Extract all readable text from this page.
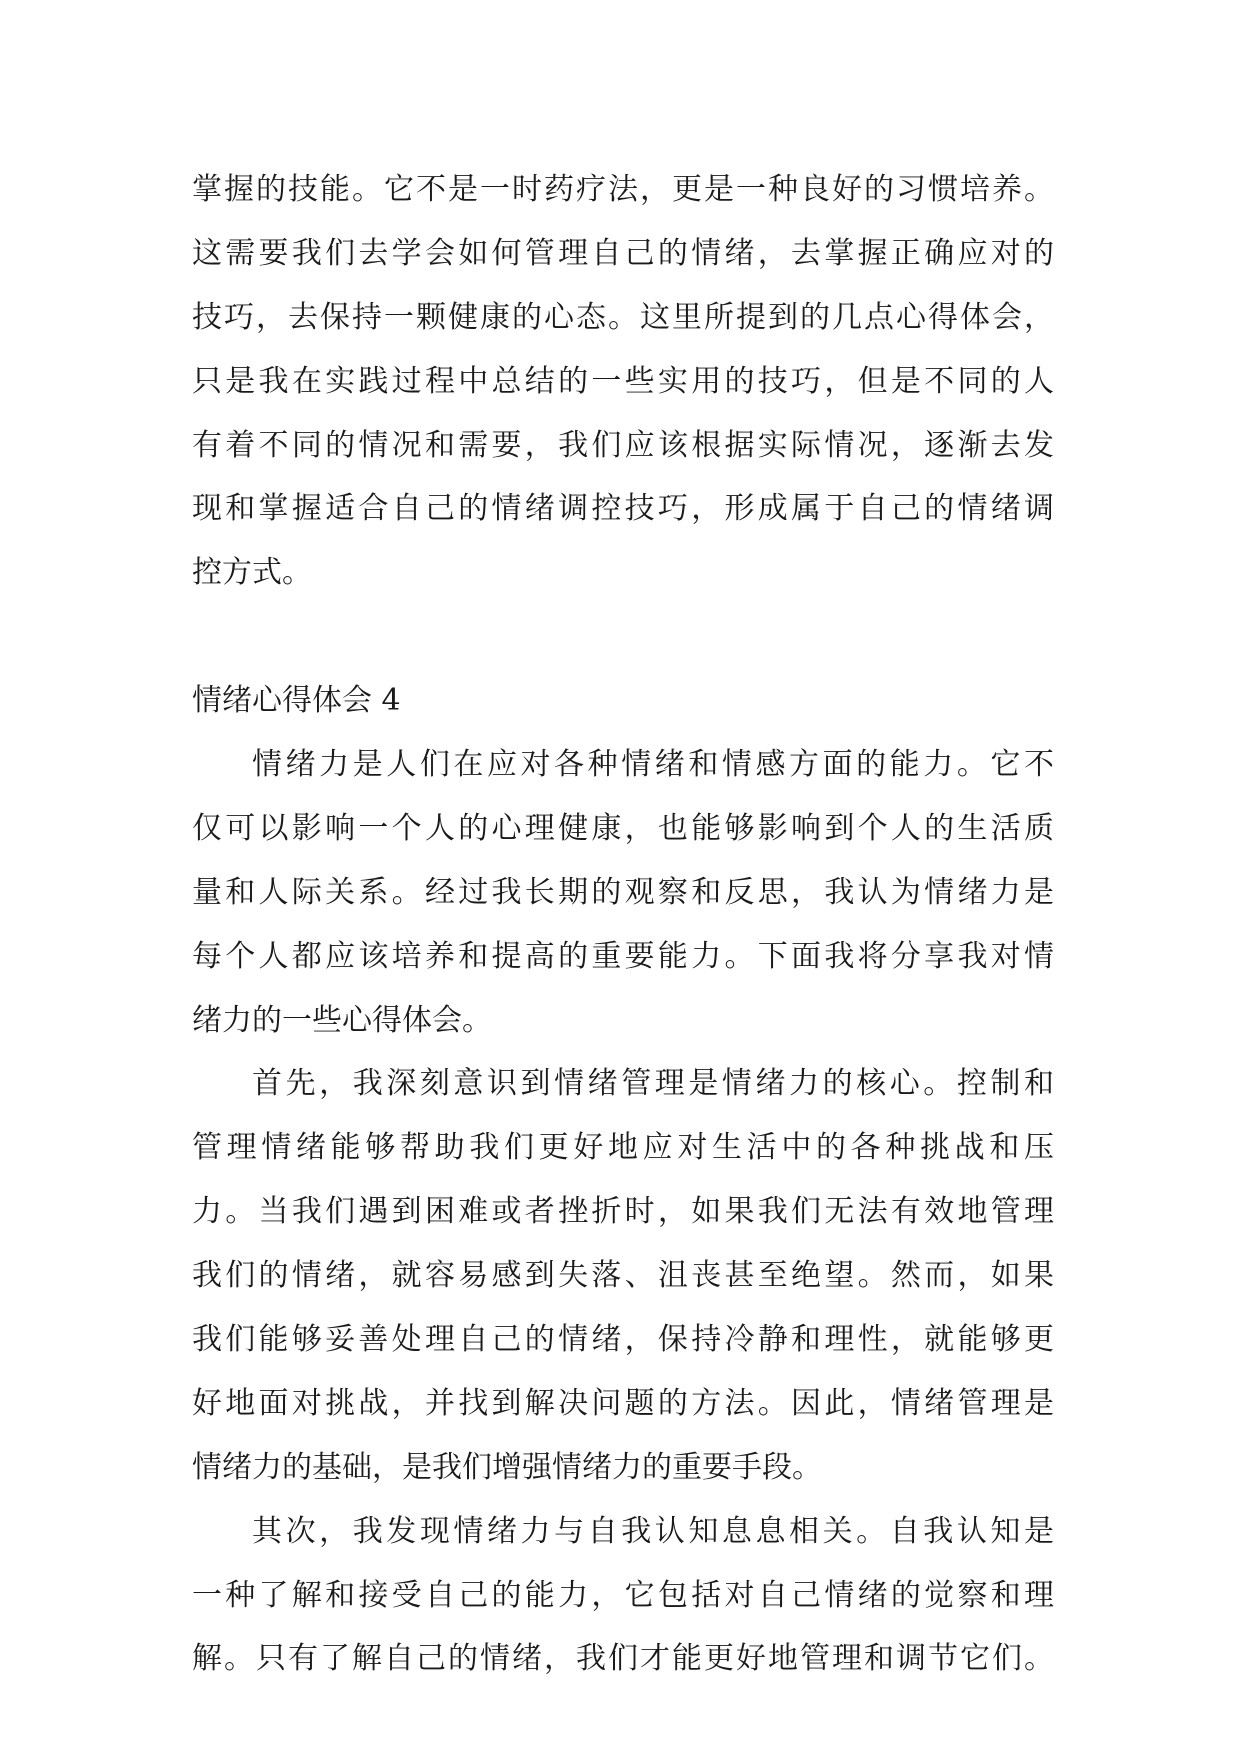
掌握的技能。它不是一时药疗法，更是一种良好的习惯培养。
这需要我们去学会如何管理自己的情绪，去掌握正确应对的
技巧，去保持一颗健康的心态。这里所提到的几点心得体会，
只是我在实践过程中总结的一些实用的技巧，但是不同的人
有着不同的情况和需要，我们应该根据实际情况，逐渐去发
现和掌握适合自己的情绪调控技巧，形成属于自己的情绪调
控方式。
情绪心得体会 4
情绪力是人们在应对各种情绪和情感方面的能力。它不
仅可以影响一个人的心理健康，也能够影响到个人的生活质
量和人际关系。经过我长期的观察和反思，我认为情绪力是
每个人都应该培养和提高的重要能力。下面我将分享我对情
绪力的一些心得体会。
首先，我深刻意识到情绪管理是情绪力的核心。控制和
管理情绪能够帮助我们更好地应对生活中的各种挑战和压
力。当我们遇到困难或者挫折时，如果我们无法有效地管理
我们的情绪，就容易感到失落、沮丧甚至绝望。然而，如果
我们能够妥善处理自己的情绪，保持冷静和理性，就能够更
好地面对挑战，并找到解决问题的方法。因此，情绪管理是
情绪力的基础，是我们增强情绪力的重要手段。
其次，我发现情绪力与自我认知息息相关。自我认知是
一种了解和接受自己的能力，它包括对自己情绪的觉察和理
解。只有了解自己的情绪，我们才能更好地管理和调节它们。
